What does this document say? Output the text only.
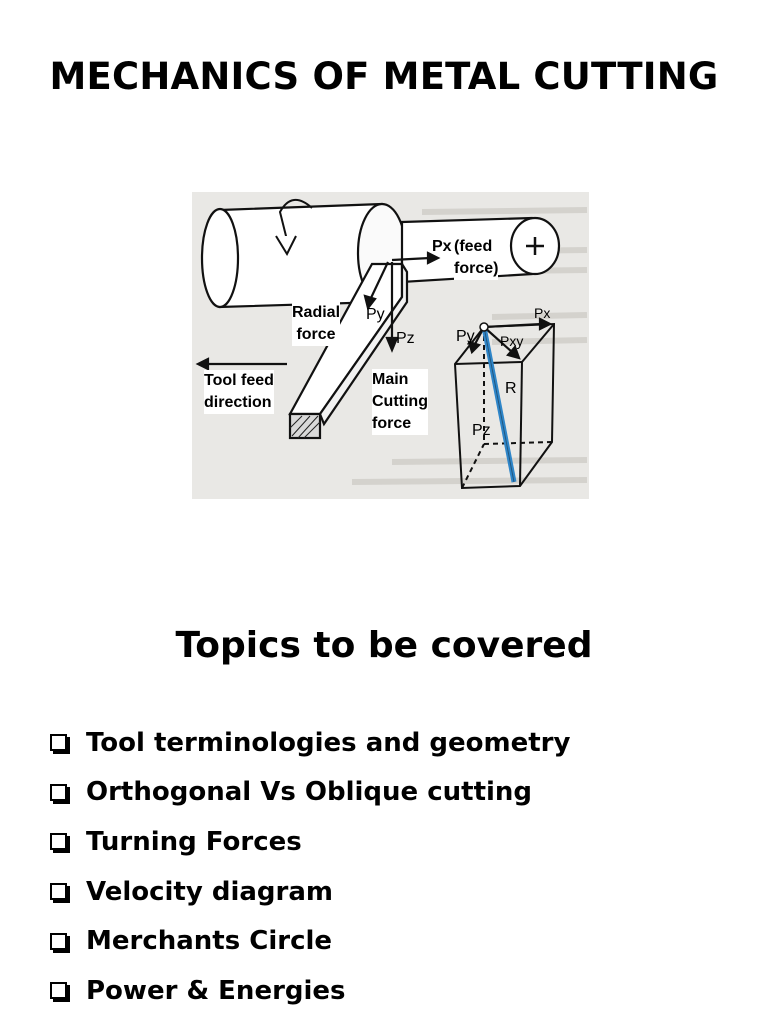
MECHANICS OF METAL CUTTING
Px (feed
force)
Radial
force
Py
Pz
Tool feed
direction
Main
Cutting
force
Px
Py Pxy
R
Pz
Topics to be covered
Tool terminologies and geometry
Orthogonal Vs Oblique cutting
Turning Forces
Velocity diagram
Merchants Circle
Power & Energies
